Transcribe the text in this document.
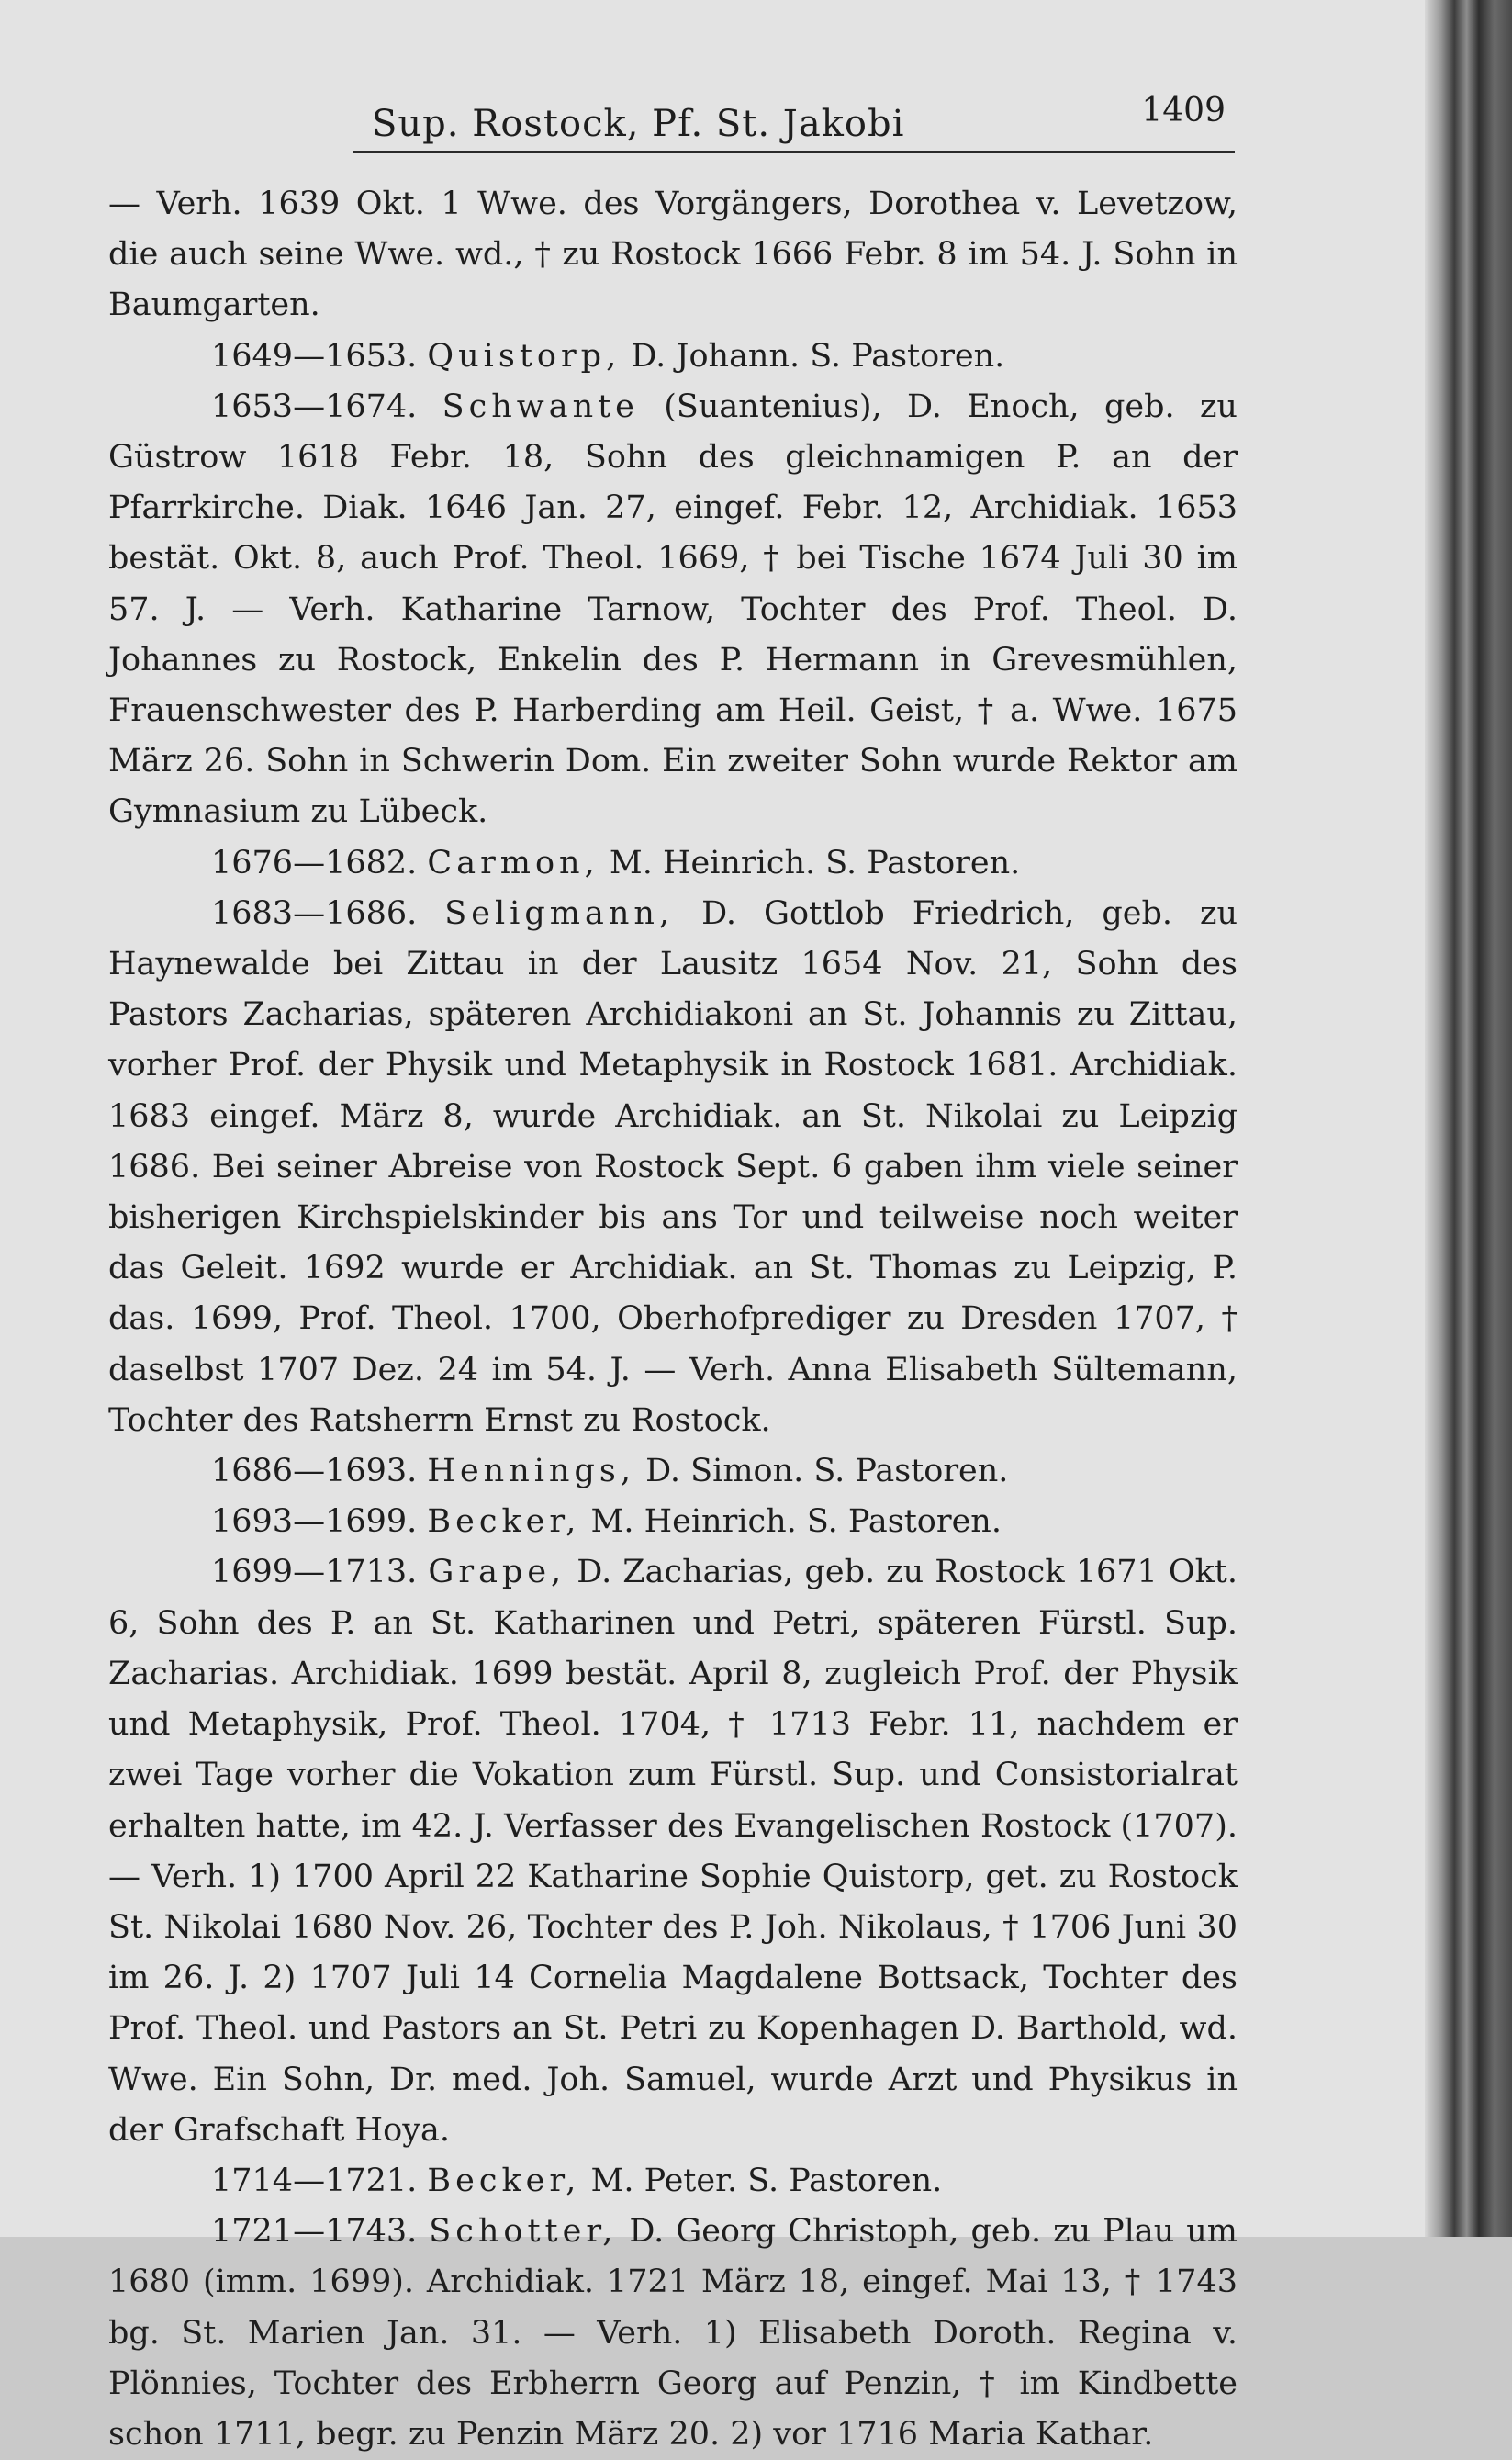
Sup. Rostock, Pf. St. Jakobi	1409

— Verh. 1639 Okt. 1 Wwe. des Vorgängers, Dorothea v. Levetzow, die auch seine Wwe. wd., † zu Rostock 1666 Febr. 8 im 54. J. Sohn in Baumgarten.

1649—1653. Quistorp, D. Johann. S. Pastoren.

1653—1674. Schwante (Suantenius), D. Enoch, geb. zu Güstrow 1618 Febr. 18, Sohn des gleichnamigen P. an der Pfarrkirche. Diak. 1646 Jan. 27, eingef. Febr. 12, Archidiak. 1653 bestät. Okt. 8, auch Prof. Theol. 1669, † bei Tische 1674 Juli 30 im 57. J. — Verh. Katharine Tarnow, Tochter des Prof. Theol. D. Johannes zu Rostock, Enkelin des P. Hermann in Grevesmühlen, Frauenschwester des P. Harberding am Heil. Geist, † a. Wwe. 1675 März 26. Sohn in Schwerin Dom. Ein zweiter Sohn wurde Rektor am Gymnasium zu Lübeck.

1676—1682. Carmon, M. Heinrich. S. Pastoren.

1683—1686. Seligmann, D. Gottlob Friedrich, geb. zu Haynewalde bei Zittau in der Lausitz 1654 Nov. 21, Sohn des Pastors Zacharias, späteren Archidiakoni an St. Johannis zu Zittau, vorher Prof. der Physik und Metaphysik in Rostock 1681. Archidiak. 1683 eingef. März 8, wurde Archidiak. an St. Nikolai zu Leipzig 1686. Bei seiner Abreise von Rostock Sept. 6 gaben ihm viele seiner bisherigen Kirchspielskinder bis ans Tor und teilweise noch weiter das Geleit. 1692 wurde er Archidiak. an St. Thomas zu Leipzig, P. das. 1699, Prof. Theol. 1700, Oberhofprediger zu Dresden 1707, † daselbst 1707 Dez. 24 im 54. J. — Verh. Anna Elisabeth Sültemann, Tochter des Ratsherrn Ernst zu Rostock.

1686—1693. Hennings, D. Simon. S. Pastoren.

1693—1699. Becker, M. Heinrich. S. Pastoren.

1699—1713. Grape, D. Zacharias, geb. zu Rostock 1671 Okt. 6, Sohn des P. an St. Katharinen und Petri, späteren Fürstl. Sup. Zacharias. Archidiak. 1699 bestät. April 8, zugleich Prof. der Physik und Metaphysik, Prof. Theol. 1704, † 1713 Febr. 11, nachdem er zwei Tage vorher die Vokation zum Fürstl. Sup. und Consistorialrat erhalten hatte, im 42. J. Verfasser des Evangelischen Rostock (1707). — Verh. 1) 1700 April 22 Katharine Sophie Quistorp, get. zu Rostock St. Nikolai 1680 Nov. 26, Tochter des P. Joh. Nikolaus, † 1706 Juni 30 im 26. J. 2) 1707 Juli 14 Cornelia Magdalene Bottsack, Tochter des Prof. Theol. und Pastors an St. Petri zu Kopenhagen D. Barthold, wd. Wwe. Ein Sohn, Dr. med. Joh. Samuel, wurde Arzt und Physikus in der Grafschaft Hoya.

1714—1721. Becker, M. Peter. S. Pastoren.

1721—1743. Schotter, D. Georg Christoph, geb. zu Plau um 1680 (imm. 1699). Archidiak. 1721 März 18, eingef. Mai 13, † 1743 bg. St. Marien Jan. 31. — Verh. 1) Elisabeth Doroth. Regina v. Plönnies, Tochter des Erbherrn Georg auf Penzin, † im Kindbette schon 1711, begr. zu Penzin März 20. 2) vor 1716 Maria Kathar.
